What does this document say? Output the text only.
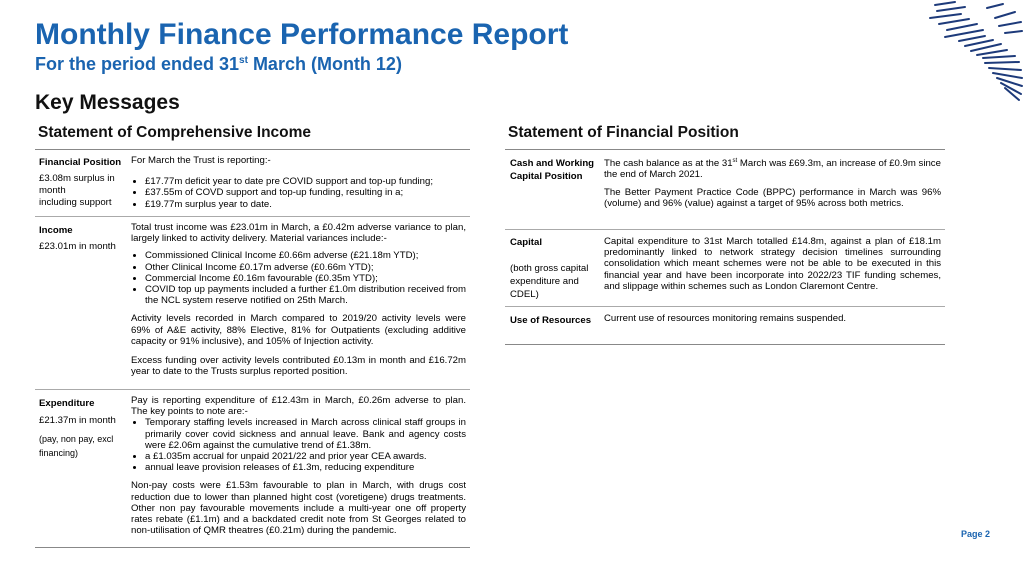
Monthly Finance Performance Report
For the period ended 31st March (Month 12)
Key Messages
Statement of Comprehensive Income
Financial Position
£3.08m surplus in month
including support

For March the Trust is reporting:-

• £17.77m deficit year to date pre COVID support and top-up funding;
• £37.55m of COVD support and top-up funding, resulting in a;
• £19.77m surplus year to date.
Income
£23.01m in month

Total trust income was £23.01m in March, a £0.42m adverse variance to plan, largely linked to activity delivery. Material variances include:-

• Commissioned Clinical Income £0.66m adverse (£21.18m YTD);
• Other Clinical Income £0.17m adverse (£0.66m YTD);
• Commercial Income £0.16m favourable (£0.35m YTD);
• COVID top up payments included a further £1.0m distribution received from the NCL system reserve notified on 25th March.

Activity levels recorded in March compared to 2019/20 activity levels were 69% of A&E activity, 88% Elective, 81% for Outpatients (excluding additive capacity or 91% inclusive), and 105% of Injection activity.

Excess funding over activity levels contributed £0.13m in month and £16.72m year to date to the Trusts surplus reported position.

Expenditure
£21.37m in month
(pay, non pay, excl financing)

Pay is reporting expenditure of £12.43m in March, £0.26m adverse to plan. The key points to note are:-

• Temporary staffing levels increased in March across clinical staff groups in primarily cover covid sickness and annual leave. Bank and agency costs were £2.06m against the cumulative trend of £1.38m.
• a £1.035m accrual for unpaid 2021/22 and prior year CEA awards.
• annual leave provision releases of £1.3m, reducing expenditure

Non-pay costs were £1.53m favourable to plan in March, with drugs cost reduction due to lower than planned hight cost (voretigene) drugs treatments. Other non pay favourable movements include a multi-year one off property rates rebate (£1.1m) and a backdated credit note from St Georges related to non-utilisation of QMR theatres (£0.21m) during the pandemic.

Statement of Financial Position
Cash and Working Capital Position

The cash balance as at the 31st March was £69.3m, an increase of £0.9m since the end of March 2021.

The Better Payment Practice Code (BPPC) performance in March was 96% (volume) and 96% (value) against a target of 95% across both metrics.

Capital
(both gross capital expenditure and CDEL)

Capital expenditure to 31st March totalled £14.8m, against a plan of £18.1m predominantly linked to network strategy decision timelines surrounding consolidation which meant schemes were not be able to be executed in this financial year and have been incorporate into 2022/23 TIF funding schemes, and slippage within schemes such as London Claremont Centre.

Use of Resources Current use of resources monitoring remains suspended.

Page 2
